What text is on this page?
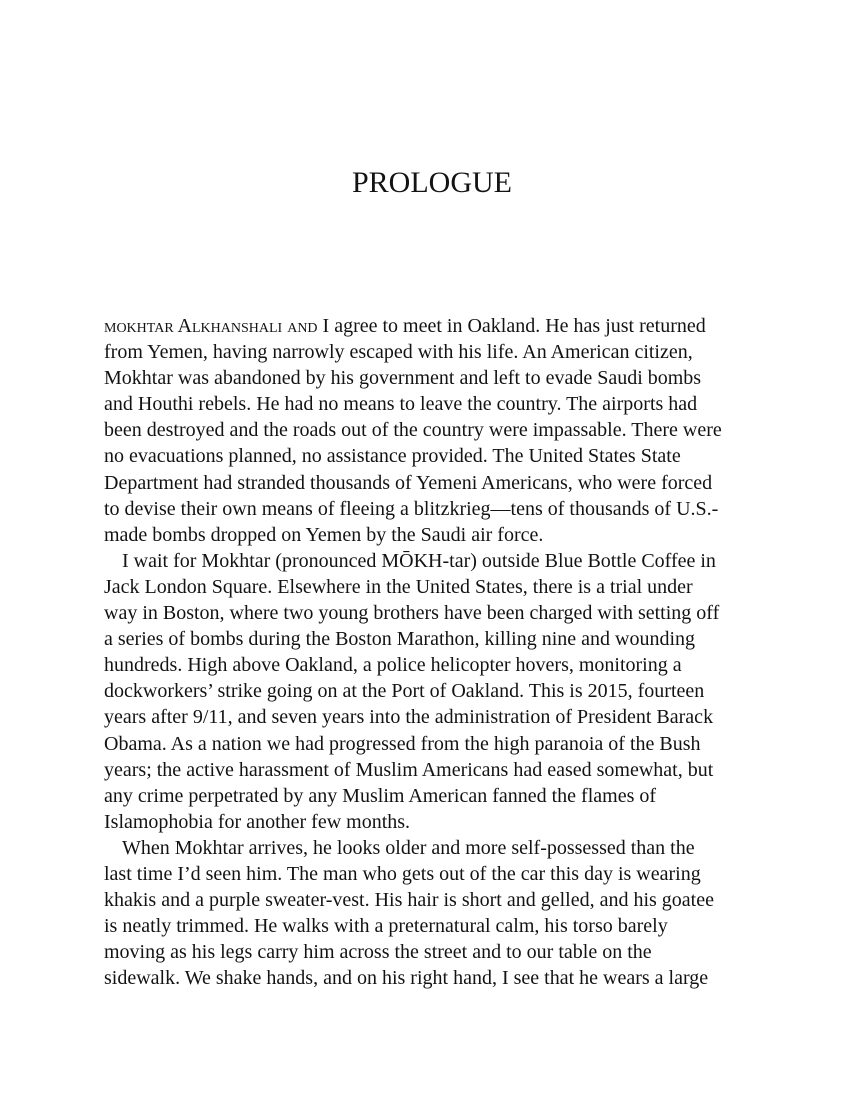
PROLOGUE
mokhtar Alkhanshali and I agree to meet in Oakland. He has just returned
from Yemen, having narrowly escaped with his life. An American citizen,
Mokhtar was abandoned by his government and left to evade Saudi bombs
and Houthi rebels. He had no means to leave the country. The airports had
been destroyed and the roads out of the country were impassable. There were
no evacuations planned, no assistance provided. The United States State
Department had stranded thousands of Yemeni Americans, who were forced
to devise their own means of fleeing a blitzkrieg—tens of thousands of U.S.-
made bombs dropped on Yemen by the Saudi air force.
I wait for Mokhtar (pronounced MŌKH-tar) outside Blue Bottle Coffee in
Jack London Square. Elsewhere in the United States, there is a trial under
way in Boston, where two young brothers have been charged with setting off
a series of bombs during the Boston Marathon, killing nine and wounding
hundreds. High above Oakland, a police helicopter hovers, monitoring a
dockworkers’ strike going on at the Port of Oakland. This is 2015, fourteen
years after 9/11, and seven years into the administration of President Barack
Obama. As a nation we had progressed from the high paranoia of the Bush
years; the active harassment of Muslim Americans had eased somewhat, but
any crime perpetrated by any Muslim American fanned the flames of
Islamophobia for another few months.
When Mokhtar arrives, he looks older and more self-possessed than the
last time I’d seen him. The man who gets out of the car this day is wearing
khakis and a purple sweater-vest. His hair is short and gelled, and his goatee
is neatly trimmed. He walks with a preternatural calm, his torso barely
moving as his legs carry him across the street and to our table on the
sidewalk. We shake hands, and on his right hand, I see that he wears a large
